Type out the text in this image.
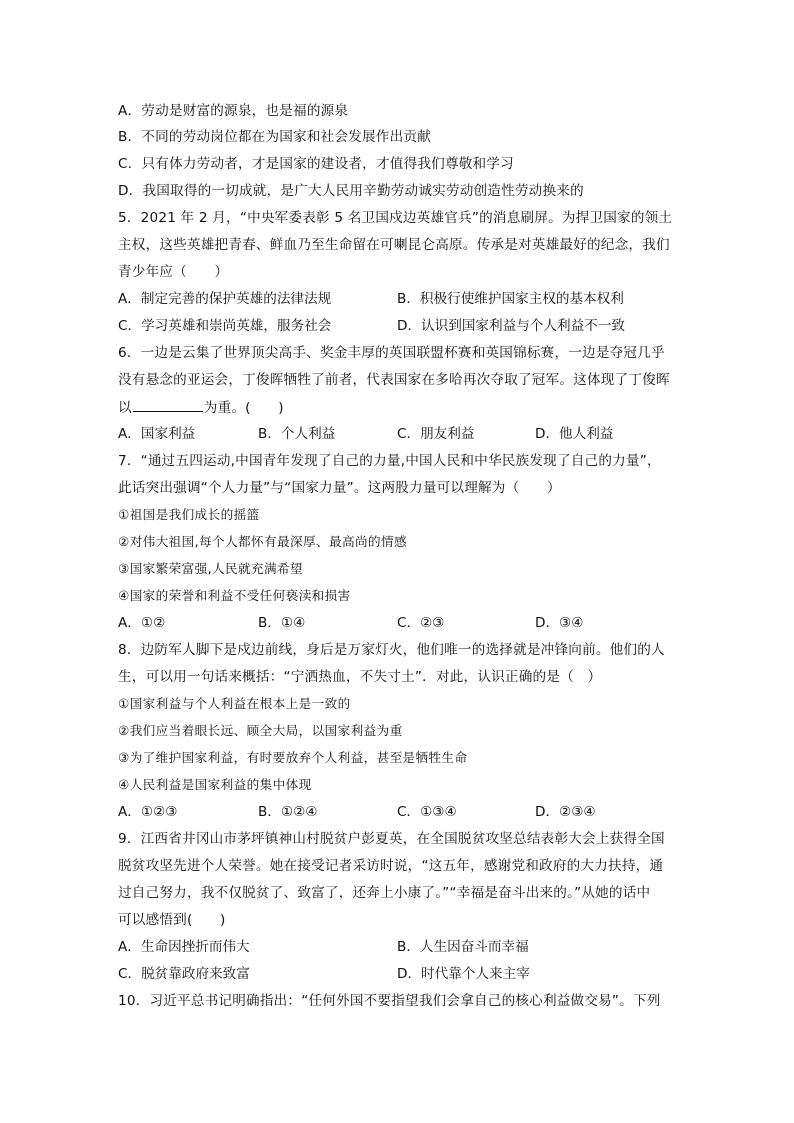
A．劳动是财富的源泉，也是福的源泉
B．不同的劳动岗位都在为国家和社会发展作出贡献
C．只有体力劳动者，才是国家的建设者，才值得我们尊敬和学习
D．我国取得的一切成就，是广大人民用辛勤劳动诚实劳动创造性劳动换来的
5．2021 年 2 月，“中央军委表彰 5 名卫国戍边英雄官兵”的消息刷屏。为捍卫国家的领土
主权，这些英雄把青春、鲜血乃至生命留在可喇昆仑高原。传承是对英雄最好的纪念，我们
青少年应（　　）
A．制定完善的保护英雄的法律法规	B．积极行使维护国家主权的基本权利
C．学习英雄和崇尚英雄，服务社会	D．认识到国家利益与个人利益不一致
6．一边是云集了世界顶尖高手、奖金丰厚的英国联盟杯赛和英国锦标赛，一边是夺冠几乎
没有悬念的亚运会，丁俊晖牺牲了前者，代表国家在多哈再次夺取了冠军。这体现了丁俊晖
以	为重。(　　)
A．国家利益	B．个人利益	C．朋友利益	D．他人利益
7．“通过五四运动,中国青年发现了自己的力量,中国人民和中华民族发现了自己的力量”，
此话突出强调“个人力量”与“国家力量”。这两股力量可以理解为（　　）
①祖国是我们成长的摇篮
②对伟大祖国,每个人都怀有最深厚、最高尚的情感
③国家繁荣富强,人民就充满希望
④国家的荣誉和利益不受任何亵渎和损害
A．①②	B．①④	C．②③	D．③④
8．边防军人脚下是戍边前线，身后是万家灯火，他们唯一的选择就是冲锋向前。他们的人
生，可以用一句话来概括：“宁洒热血，不失寸土”．对此，认识正确的是（　）
①国家利益与个人利益在根本上是一致的
②我们应当着眼长远、顾全大局，以国家利益为重
③为了维护国家利益，有时要放弃个人利益，甚至是牺牲生命
④人民利益是国家利益的集中体现
A．①②③	B．①②④	C．①③④	D．②③④
9．江西省井冈山市茅坪镇神山村脱贫户彭夏英，在全国脱贫攻坚总结表彰大会上获得全国
脱贫攻坚先进个人荣誉。她在接受记者采访时说，“这五年，感谢党和政府的大力扶持，通
过自己努力，我不仅脱贫了、致富了，还奔上小康了。”“幸福是奋斗出来的。”从她的话中
可以感悟到(　　)
A．生命因挫折而伟大	B．人生因奋斗而幸福
C．脱贫靠政府来致富	D．时代靠个人来主宰
10．习近平总书记明确指出：“任何外国不要指望我们会拿自己的核心利益做交易”。下列
